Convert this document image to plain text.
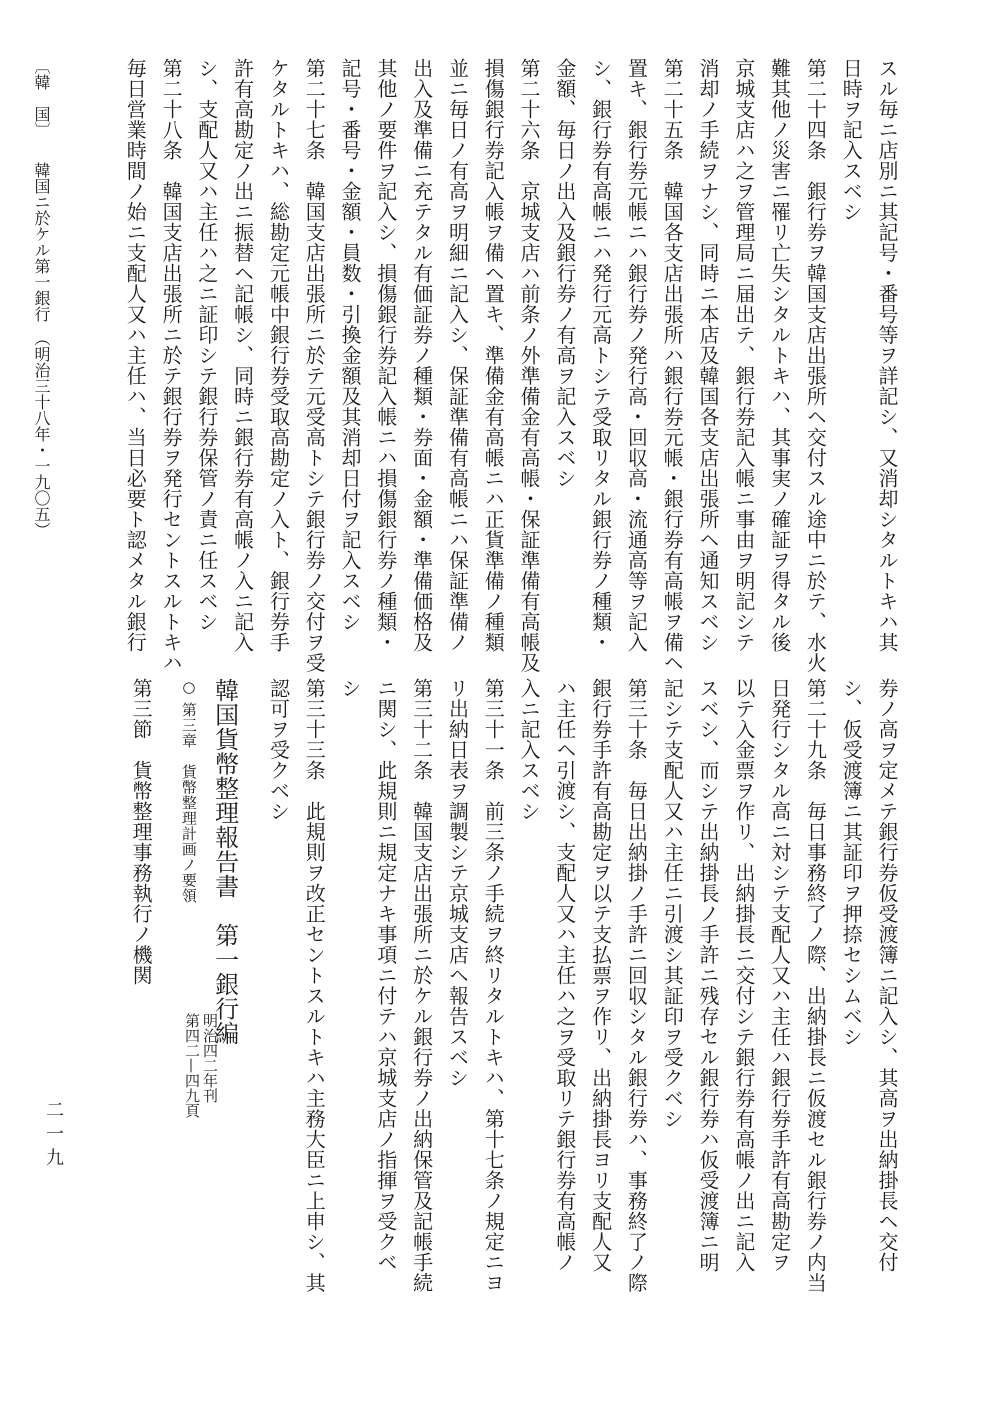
スル毎ニ店別ニ其記号・番号等ヲ詳記シ、又消却シタルトキハ其
日時ヲ記入スベシ
第二十四条　銀行券ヲ韓国支店出張所ヘ交付スル途中ニ於テ、水火
難其他ノ災害ニ罹リ亡失シタルトキハ、其事実ノ確証ヲ得タル後
京城支店ハ之ヲ管理局ニ届出テ、銀行券記入帳ニ事由ヲ明記シテ
消却ノ手続ヲナシ、同時ニ本店及韓国各支店出張所ヘ通知スベシ
第二十五条　韓国各支店出張所ハ銀行券元帳・銀行券有高帳ヲ備ヘ
置キ、銀行券元帳ニハ銀行券ノ発行高・回収高・流通高等ヲ記入
シ、銀行券有高帳ニハ発行元高トシテ受取リタル銀行券ノ種類・
金額、毎日ノ出入及銀行券ノ有高ヲ記入スベシ
第二十六条　京城支店ハ前条ノ外準備金有高帳・保証準備有高帳及
損傷銀行券記入帳ヲ備ヘ置キ、準備金有高帳ニハ正貨準備ノ種類
並ニ毎日ノ有高ヲ明細ニ記入シ、保証準備有高帳ニハ保証準備ノ
出入及準備ニ充テタル有価証券ノ種類・券面・金額・準備価格及
其他ノ要件ヲ記入シ、損傷銀行券記入帳ニハ損傷銀行券ノ種類・
記号・番号・金額・員数・引換金額及其消却日付ヲ記入スベシ
第二十七条　韓国支店出張所ニ於テ元受高トシテ銀行券ノ交付ヲ受
ケタルトキハ、総勘定元帳中銀行券受取高勘定ノ入ト、銀行券手
許有高勘定ノ出ニ振替ヘ記帳シ、同時ニ銀行券有高帳ノ入ニ記入
シ、支配人又ハ主任ハ之ニ証印シテ銀行券保管ノ責ニ任スベシ
第二十八条　韓国支店出張所ニ於テ銀行券ヲ発行セントスルトキハ
毎日営業時間ノ始ニ支配人又ハ主任ハ、当日必要ト認メタル銀行
券ノ高ヲ定メテ銀行券仮受渡簿ニ記入シ、其高ヲ出納掛長ヘ交付
シ、仮受渡簿ニ其証印ヲ押捺セシムベシ
第二十九条　毎日事務終了ノ際、出納掛長ニ仮渡セル銀行券ノ内当
日発行シタル高ニ対シテ支配人又ハ主任ハ銀行券手許有高勘定ヲ
以テ入金票ヲ作リ、出納掛長ニ交付シテ銀行券有高帳ノ出ニ記入
スベシ、而シテ出納掛長ノ手許ニ残存セル銀行券ハ仮受渡簿ニ明
記シテ支配人又ハ主任ニ引渡シ其証印ヲ受クベシ
第三十条　毎日出納掛ノ手許ニ回収シタル銀行券ハ、事務終了ノ際
銀行券手許有高勘定ヲ以テ支払票ヲ作リ、出納掛長ヨリ支配人又
ハ主任ヘ引渡シ、支配人又ハ主任ハ之ヲ受取リテ銀行券有高帳ノ
入ニ記入スベシ
第三十一条　前三条ノ手続ヲ終リタルトキハ、第十七条ノ規定ニヨ
リ出納日表ヲ調製シテ京城支店ヘ報告スベシ
第三十二条　韓国支店出張所ニ於ケル銀行券ノ出納保管及記帳手続
ニ関シ、此規則ニ規定ナキ事項ニ付テハ京城支店ノ指揮ヲ受クベ
シ
第三十三条　此規則ヲ改正セントスルトキハ主務大臣ニ上申シ、其
認可ヲ受クベシ
韓国貨幣整理報告書　第一銀行編
○ 第三章　貨幣整理計画ノ要領
第三節　貨幣整理事務執行ノ機関
第四二—四九頁 明治四二年刊
〔韓　国〕　　韓国ニ於ケル第一銀行　（明治三十八年・一九〇五）
二一九
